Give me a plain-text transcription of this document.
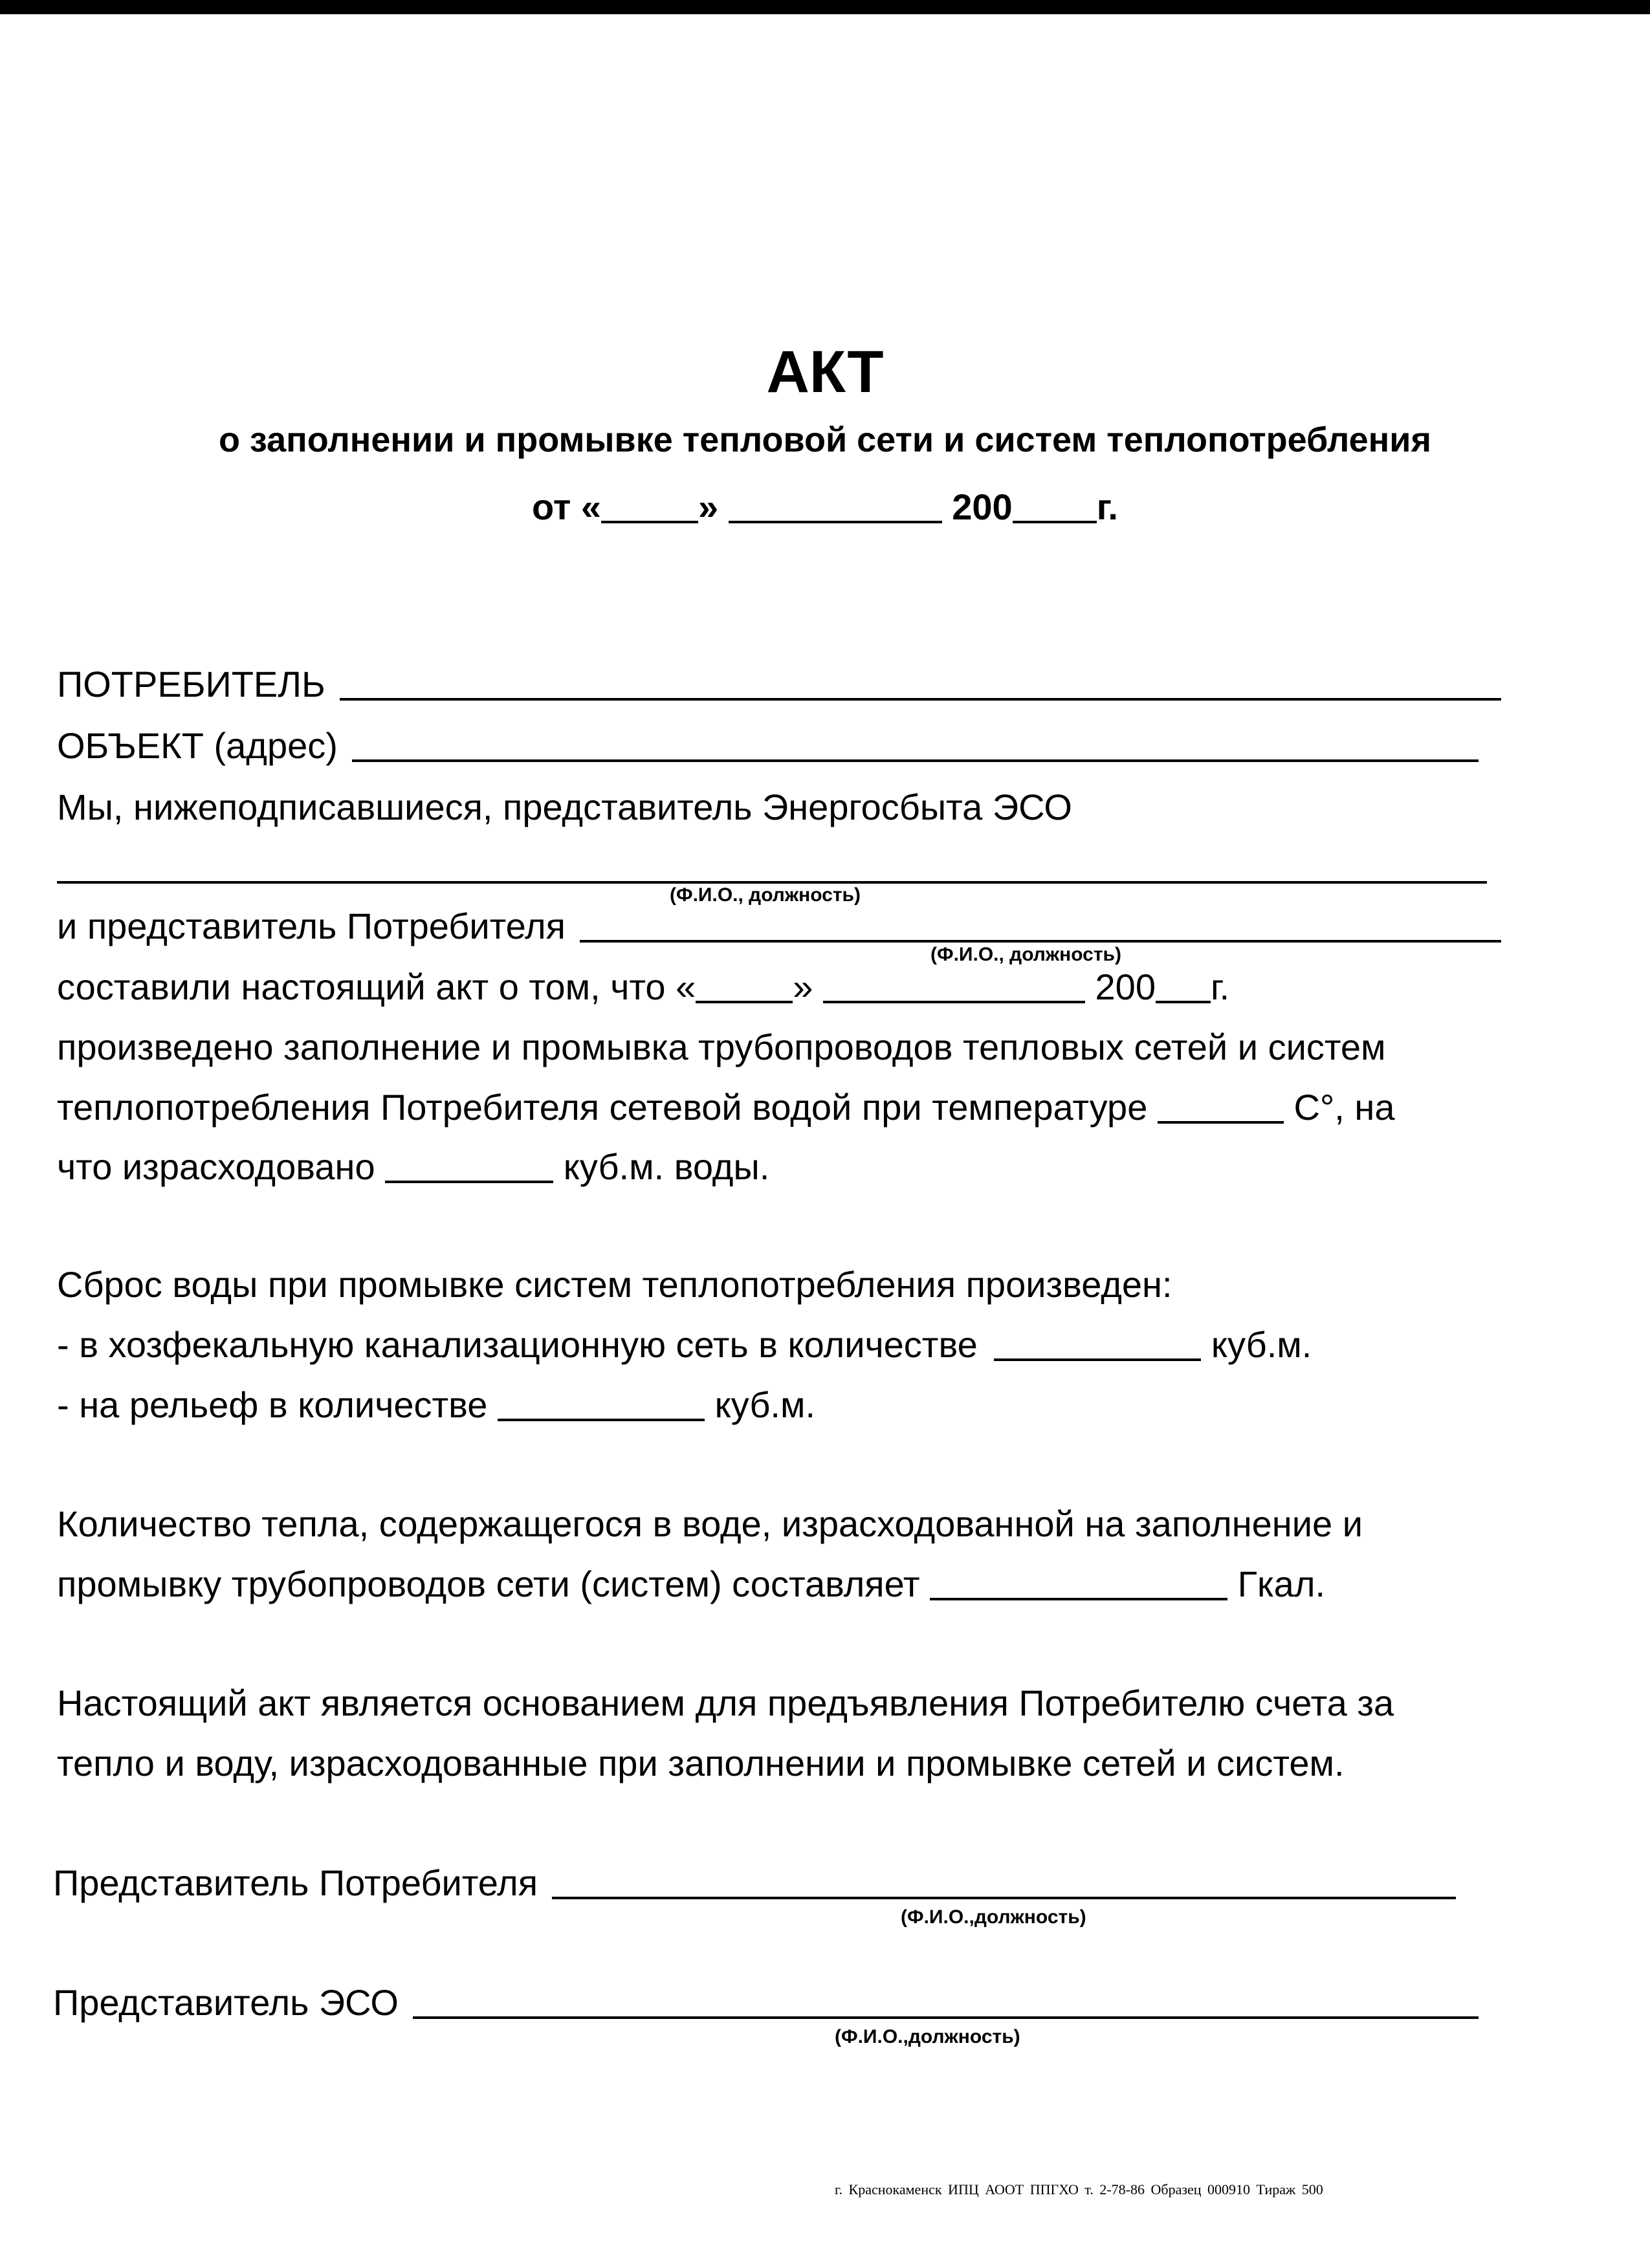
АКТ
о заполнении и промывке тепловой сети и систем теплопотребления
от «	»	200 г.
ПОТРЕБИТЕЛЬ
ОБЪЕКТ (адрес)
Мы, нижеподписавшиеся, представитель Энергосбыта ЭСО
(Ф.И.О., должность)
и представитель Потребителя
(Ф.И.О., должность)
составили настоящий акт о том, что «	»	200 г.
произведено заполнение и промывка трубопроводов тепловых сетей и систем
теплопотребления Потребителя сетевой водой при температуре	С°, на
что израсходовано	куб.м. воды.
Сброс воды при промывке систем теплопотребления произведен:
- в хозфекальную канализационную сеть в количестве	куб.м.
- на рельеф в количестве	куб.м.
Количество тепла, содержащегося в воде, израсходованной на заполнение и
промывку трубопроводов сети (систем) составляет	Гкал.
Настоящий акт является основанием для предъявления Потребителю счета за
тепло и воду, израсходованные при заполнении и промывке сетей и систем.
Представитель Потребителя
(Ф.И.О.,должность)
Представитель ЭСО
(Ф.И.О.,должность)
г. Краснокаменск ИПЦ АООТ ППГХО т. 2-78-86 Образец 000910 Тираж 500
